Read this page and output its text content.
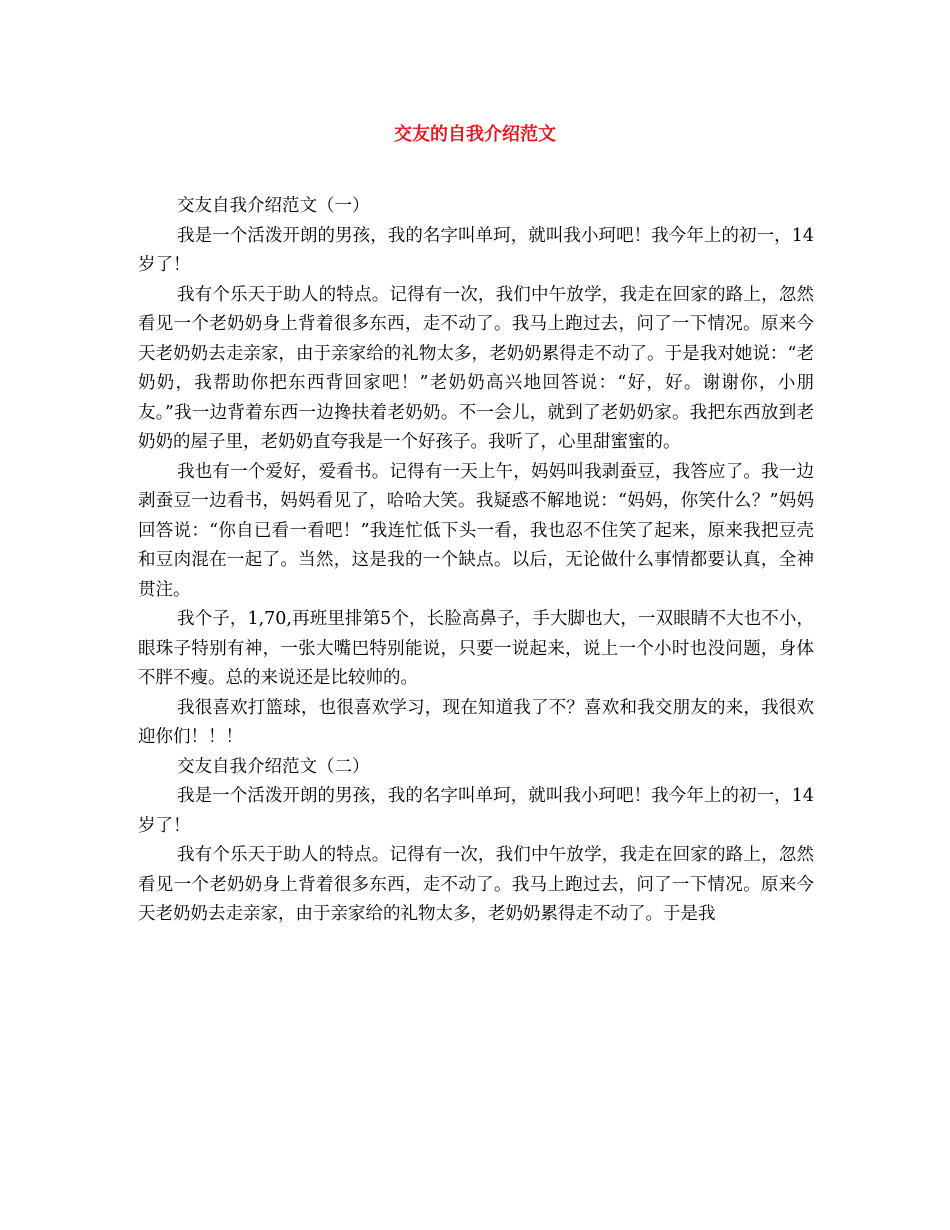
交友的自我介绍范文

交友自我介绍范文（一）

我是一个活泼开朗的男孩，我的名字叫单珂，就叫我小珂吧！我今年上的初一，14岁了！

我有个乐天于助人的特点。记得有一次，我们中午放学，我走在回家的路上，忽然看见一个老奶奶身上背着很多东西，走不动了。我马上跑过去，问了一下情况。原来今天老奶奶去走亲家，由于亲家给的礼物太多，老奶奶累得走不动了。于是我对她说：“老奶奶，我帮助你把东西背回家吧！”老奶奶高兴地回答说：“好，好。谢谢你，小朋友。”我一边背着东西一边搀扶着老奶奶。不一会儿，就到了老奶奶家。我把东西放到老奶奶的屋子里，老奶奶直夸我是一个好孩子。我听了，心里甜蜜蜜的。

我也有一个爱好，爱看书。记得有一天上午，妈妈叫我剥蚕豆，我答应了。我一边剥蚕豆一边看书，妈妈看见了，哈哈大笑。我疑惑不解地说：“妈妈，你笑什么？”妈妈回答说：“你自已看一看吧！”我连忙低下头一看，我也忍不住笑了起来，原来我把豆壳和豆肉混在一起了。当然，这是我的一个缺点。以后，无论做什么事情都要认真，全神贯注。

我个子，1,70,再班里排第5个，长脸高鼻子，手大脚也大，一双眼睛不大也不小，眼珠子特别有神，一张大嘴巴特别能说，只要一说起来，说上一个小时也没问题，身体不胖不瘦。总的来说还是比较帅的。

我很喜欢打篮球，也很喜欢学习，现在知道我了不？喜欢和我交朋友的来，我很欢迎你们！！！

交友自我介绍范文（二）

我是一个活泼开朗的男孩，我的名字叫单珂，就叫我小珂吧！我今年上的初一，14岁了！

我有个乐天于助人的特点。记得有一次，我们中午放学，我走在回家的路上，忽然看见一个老奶奶身上背着很多东西，走不动了。我马上跑过去，问了一下情况。原来今天老奶奶去走亲家，由于亲家给的礼物太多，老奶奶累得走不动了。于是我
